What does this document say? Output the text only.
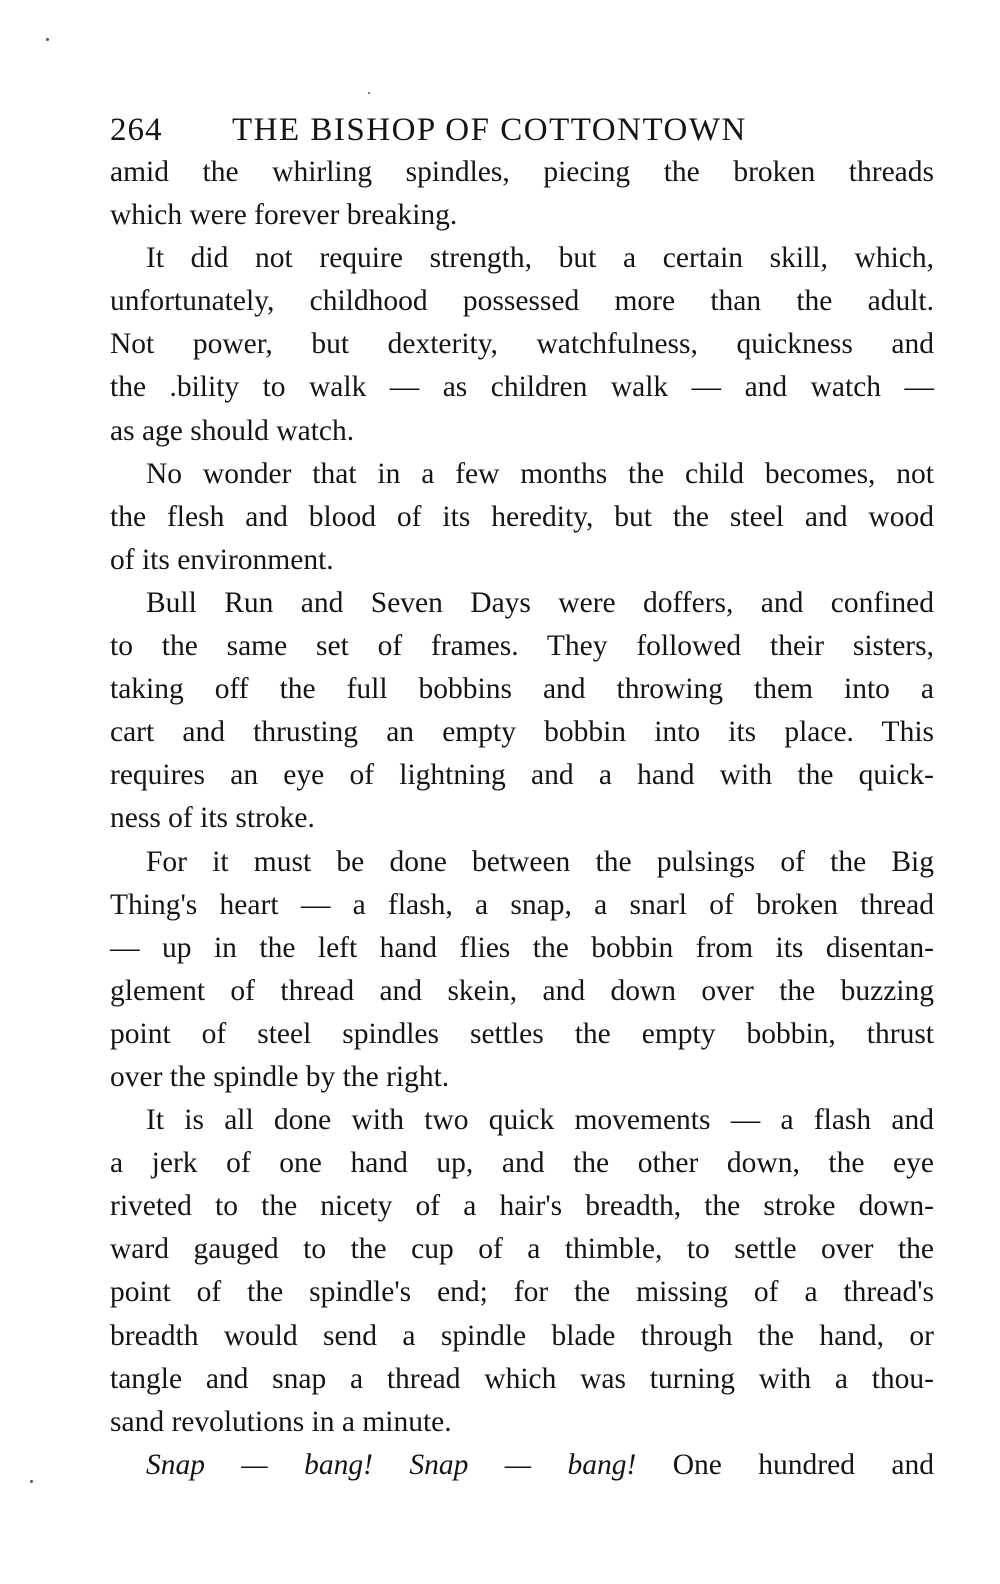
264	THE BISHOP OF COTTONTOWN
amid the whirling spindles, piecing the broken threads
which were forever breaking.
It did not require strength, but a certain skill, which,
unfortunately, childhood possessed more than the adult.
Not power, but dexterity, watchfulness, quickness and
the .bility to walk — as children walk — and watch —
as age should watch.
No wonder that in a few months the child becomes, not
the flesh and blood of its heredity, but the steel and wood
of its environment.
Bull Run and Seven Days were doffers, and confined
to the same set of frames. They followed their sisters,
taking off the full bobbins and throwing them into a
cart and thrusting an empty bobbin into its place. This
requires an eye of lightning and a hand with the quick-
ness of its stroke.
For it must be done between the pulsings of the Big
Thing's heart — a flash, a snap, a snarl of broken thread
— up in the left hand flies the bobbin from its disentan-
glement of thread and skein, and down over the buzzing
point of steel spindles settles the empty bobbin, thrust
over the spindle by the right.
It is all done with two quick movements — a flash and
a jerk of one hand up, and the other down, the eye
riveted to the nicety of a hair's breadth, the stroke down-
ward gauged to the cup of a thimble, to settle over the
point of the spindle's end; for the missing of a thread's
breadth would send a spindle blade through the hand, or
tangle and snap a thread which was turning with a thou-
sand revolutions in a minute.
Snap — bang! Snap — bang! One hundred and
